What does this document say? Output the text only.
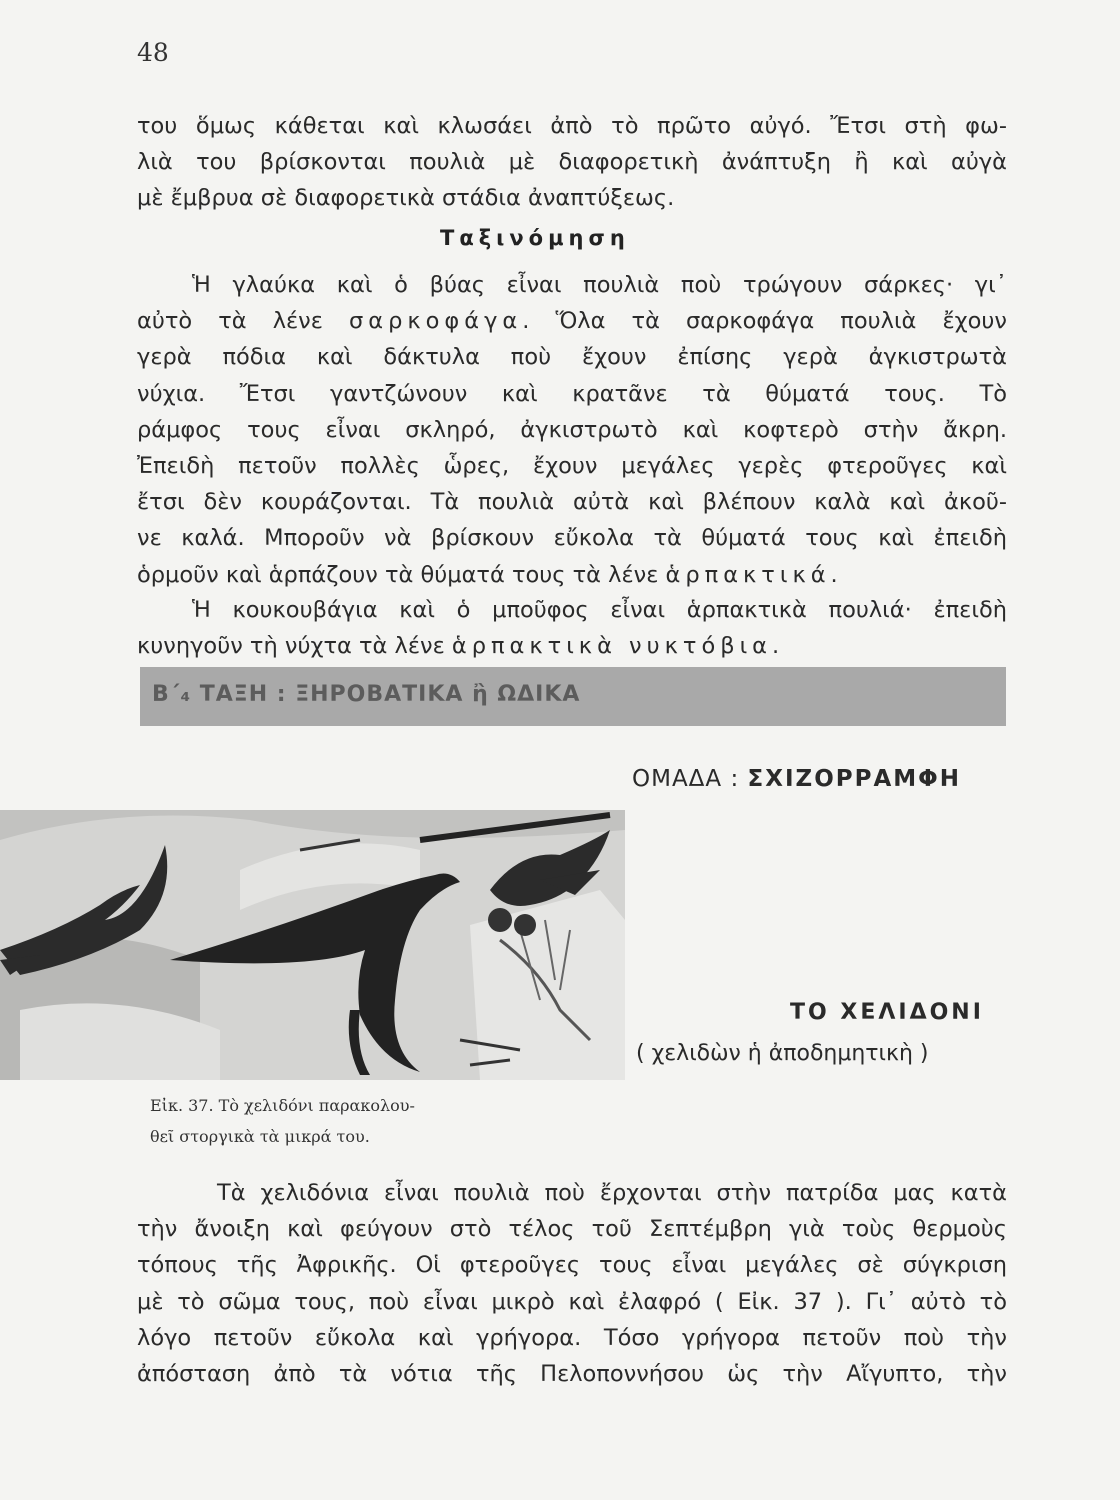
48

του ὅμως κάθεται καὶ κλωσάει ἀπὸ τὸ πρῶτο αὐγό. Ἔτσι στὴ φω-
λιὰ του βρίσκονται πουλιὰ μὲ διαφορετικὴ ἀνάπτυξη ἢ καὶ αὐγὰ
μὲ ἔμβρυα σὲ διαφορετικὰ στάδια ἀναπτύξεως.

Ταξινόμηση

Ἡ γλαύκα καὶ ὁ βύας εἶναι πουλιὰ ποὺ τρώγουν σάρκες· γι᾽
αὐτὸ τὰ λένε σαρκοφάγα. Ὅλα τὰ σαρκοφάγα πουλιὰ ἔχουν
γερὰ πόδια καὶ δάκτυλα ποὺ ἔχουν ἐπίσης γερὰ ἀγκιστρωτὰ
νύχια. Ἔτσι γαντζώνουν καὶ κρατᾶνε τὰ θύματά τους. Τὸ
ράμφος τους εἶναι σκληρό, ἀγκιστρωτὸ καὶ κοφτερὸ στὴν ἄκρη.
Ἐπειδὴ πετοῦν πολλὲς ὧρες, ἔχουν μεγάλες γερὲς φτεροῦγες καὶ
ἔτσι δὲν κουράζονται. Τὰ πουλιὰ αὐτὰ καὶ βλέπουν καλὰ καὶ ἀκοῦ-
νε καλά. Μποροῦν νὰ βρίσκουν εὔκολα τὰ θύματά τους καὶ ἐπειδὴ
ὁρμοῦν καὶ ἁρπάζουν τὰ θύματά τους τὰ λένε ἁρπακτικά.

Ἡ κουκουβάγια καὶ ὁ μποῦφος εἶναι ἁρπακτικὰ πουλιά· ἐπειδὴ
κυνηγοῦν τὴ νύχτα τὰ λένε ἁρπακτικὰ νυκτόβια.

Β΄₄ ΤΑΞΗ : ΞΗΡΟΒΑΤΙΚΑ ἢ ΩΔΙΚΑ
ΟΜΑΔΑ : ΣΧΙΖΟΡΡΑΜΦΗ
ΤΟ ΧΕΛΙΔΟΝΙ
( χελιδὼν ἡ ἀποδημητικὴ )
Εἰκ. 37. Τὸ χελιδόνι παρακολου-
θεῖ στοργικὰ τὰ μικρά του.

Τὰ χελιδόνια εἶναι πουλιὰ ποὺ ἔρχονται στὴν πατρίδα μας κατὰ
τὴν ἄνοιξη καὶ φεύγουν στὸ τέλος τοῦ Σεπτέμβρη γιὰ τοὺς θερμοὺς
τόπους τῆς Ἀφρικῆς. Οἱ φτεροῦγες τους εἶναι μεγάλες σὲ σύγκριση
μὲ τὸ σῶμα τους, ποὺ εἶναι μικρὸ καὶ ἐλαφρό ( Εἰκ. 37 ). Γι᾽ αὐτὸ τὸ
λόγο πετοῦν εὔκολα καὶ γρήγορα. Τόσο γρήγορα πετοῦν ποὺ τὴν
ἀπόσταση ἀπὸ τὰ νότια τῆς Πελοποννήσου ὡς τὴν Αἴγυπτο, τὴν
